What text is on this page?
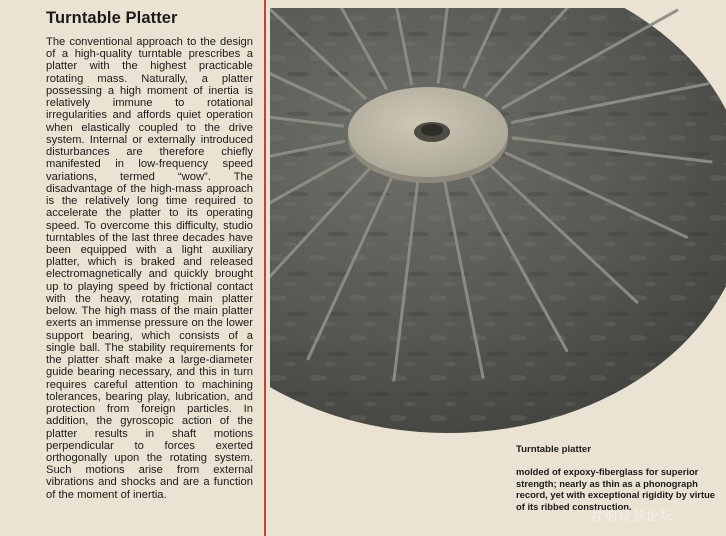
Turntable Platter
The conventional approach to the design of a high-quality turntable prescribes a platter with the highest practicable rotating mass. Naturally, a platter possessing a high moment of inertia is relatively immune to rotational irregularities and affords quiet operation when elastically coupled to the drive system. Internal or externally introduced disturbances are therefore chiefly manifested in low-frequency speed variations, termed “wow”. The disadvantage of the high-mass approach is the relatively long time required to accelerate the platter to its operating speed. To overcome this difficulty, studio turntables of the last three decades have been equipped with a light auxiliary platter, which is braked and released electromagnetically and quickly brought up to playing speed by frictional contact with the heavy, rotating main platter below. The high mass of the main platter exerts an immense pressure on the lower support bearing, which consists of a single ball. The stability requirements for the platter shaft make a large-diameter guide bearing necessary, and this in turn requires careful attention to machining tolerances, bearing play, lubrication, and protection from foreign particles. In addition, the gyroscopic action of the platter results in shaft motions perpendicular to forces exerted orthogonally upon the rotating system. Such motions arise from external vibrations and shocks and are a function of the moment of inertia.
Turntable platter
molded of expoxy-fiberglass for superior strength; nearly as thin as a phonograph record, yet with exceptional rigidity by virtue of its ribbed construction.
音响设备论坛
